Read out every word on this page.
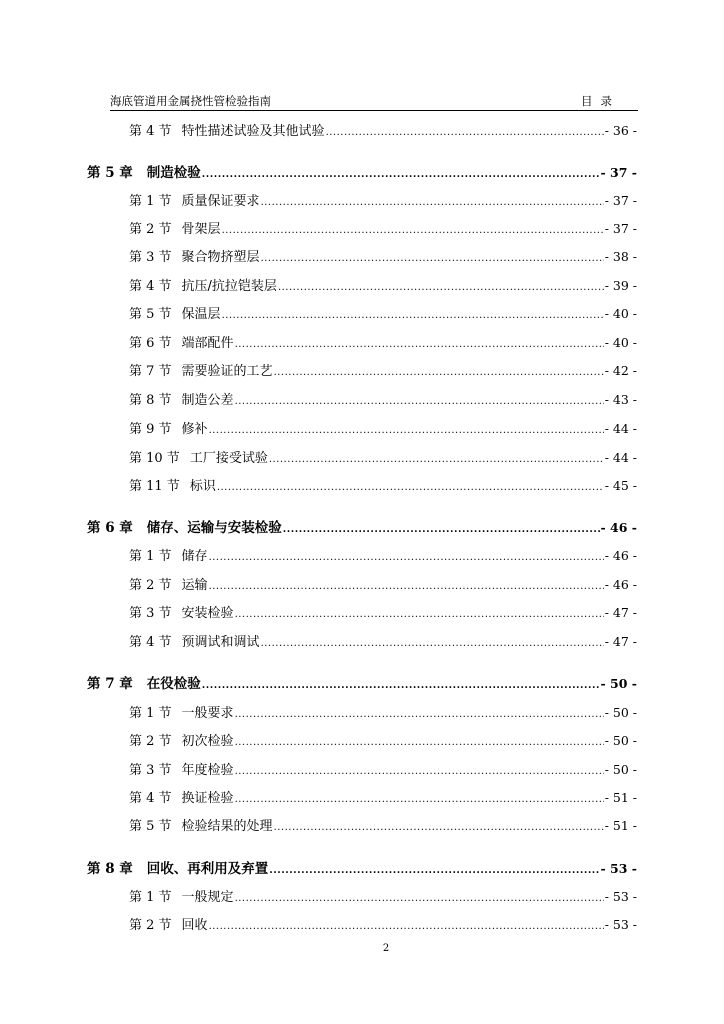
海底管道用金属挠性管检验指南	目录
第 4 节 特性描述试验及其他试验 .....	- 36 -
第 5 章 制造检验 .....	- 37 -
第 1 节 质量保证要求 .....	- 37 -
第 2 节 骨架层 .....	- 37 -
第 3 节 聚合物挤塑层 .....	- 38 -
第 4 节 抗压/抗拉铠装层 .....	- 39 -
第 5 节 保温层 .....	- 40 -
第 6 节 端部配件 .....	- 40 -
第 7 节 需要验证的工艺 .....	- 42 -
第 8 节 制造公差 .....	- 43 -
第 9 节 修补 .....	- 44 -
第 10 节 工厂接受试验 .....	- 44 -
第 11 节 标识 .....	- 45 -
第 6 章 储存、运输与安装检验 .....	- 46 -
第 1 节 储存 .....	- 46 -
第 2 节 运输 .....	- 46 -
第 3 节 安装检验 .....	- 47 -
第 4 节 预调试和调试 .....	- 47 -
第 7 章 在役检验 .....	- 50 -
第 1 节 一般要求 .....	- 50 -
第 2 节 初次检验 .....	- 50 -
第 3 节 年度检验 .....	- 50 -
第 4 节 换证检验 .....	- 51 -
第 5 节 检验结果的处理 .....	- 51 -
第 8 章 回收、再利用及弃置 .....	- 53 -
第 1 节 一般规定 .....	- 53 -
第 2 节 回收 .....	- 53 -
2
